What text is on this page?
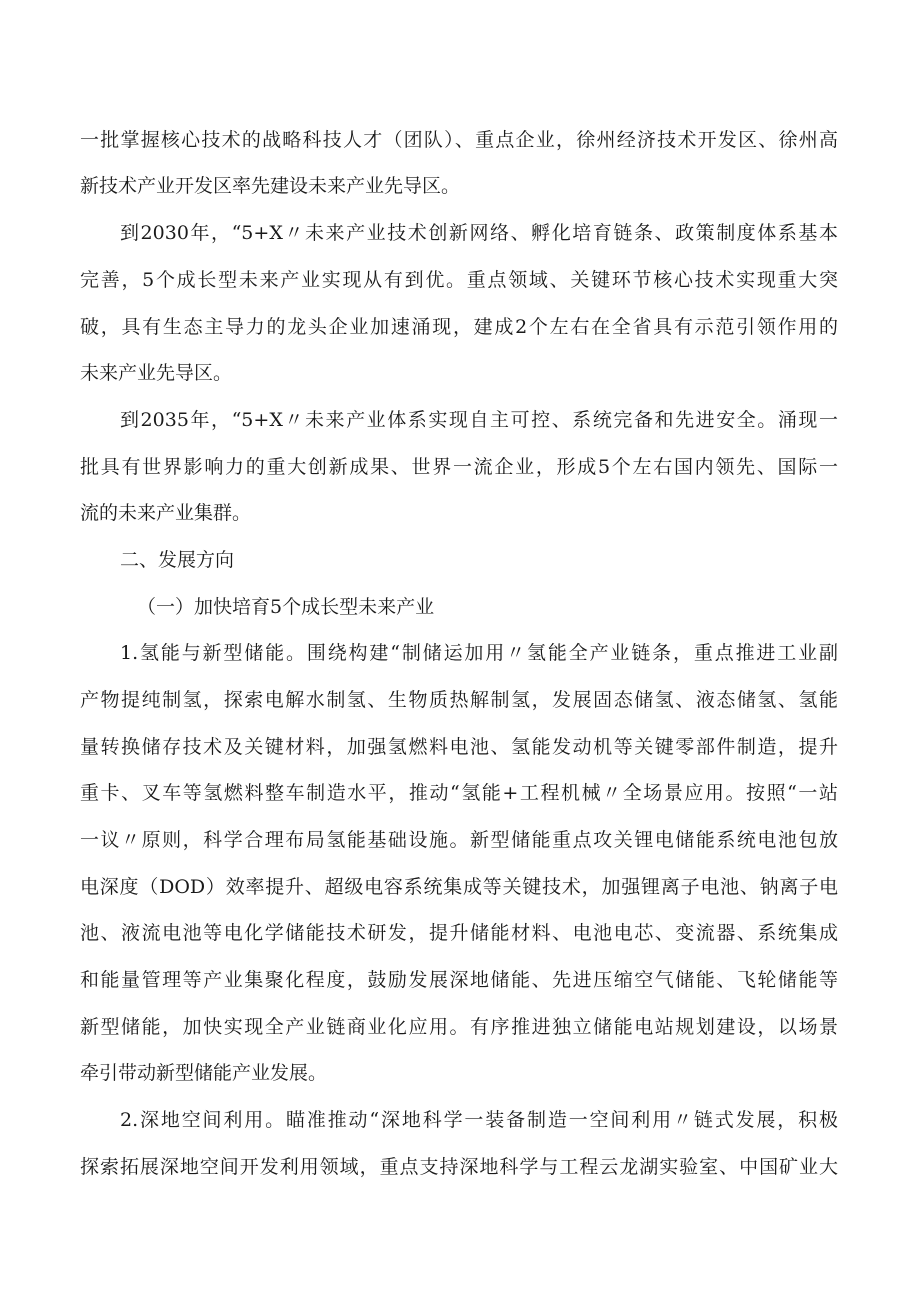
一批掌握核心技术的战略科技人才（团队）、重点企业，徐州经济技术开发区、徐州高

新技术产业开发区率先建设未来产业先导区。

到2030年，“5+X〃未来产业技术创新网络、孵化培育链条、政策制度体系基本

完善，5个成长型未来产业实现从有到优。重点领域、关键环节核心技术实现重大突

破，具有生态主导力的龙头企业加速涌现，建成2个左右在全省具有示范引领作用的

未来产业先导区。

到2035年，“5+X〃未来产业体系实现自主可控、系统完备和先进安全。涌现一

批具有世界影响力的重大创新成果、世界一流企业，形成5个左右国内领先、国际一

流的未来产业集群。

二、发展方向

（一）加快培育5个成长型未来产业

1.氢能与新型储能。围绕构建“制储运加用〃氢能全产业链条，重点推进工业副

产物提纯制氢，探索电解水制氢、生物质热解制氢，发展固态储氢、液态储氢、氢能

量转换储存技术及关键材料，加强氢燃料电池、氢能发动机等关键零部件制造，提升

重卡、叉车等氢燃料整车制造水平，推动“氢能+工程机械〃全场景应用。按照“一站

一议〃原则，科学合理布局氢能基础设施。新型储能重点攻关锂电储能系统电池包放

电深度（DOD）效率提升、超级电容系统集成等关键技术，加强锂离子电池、钠离子电

池、液流电池等电化学储能技术研发，提升储能材料、电池电芯、变流器、系统集成

和能量管理等产业集聚化程度，鼓励发展深地储能、先进压缩空气储能、飞轮储能等

新型储能，加快实现全产业链商业化应用。有序推进独立储能电站规划建设，以场景

牵引带动新型储能产业发展。

2.深地空间利用。瞄准推动“深地科学一装备制造一空间利用〃链式发展，积极

探索拓展深地空间开发利用领域，重点支持深地科学与工程云龙湖实验室、中国矿业大
